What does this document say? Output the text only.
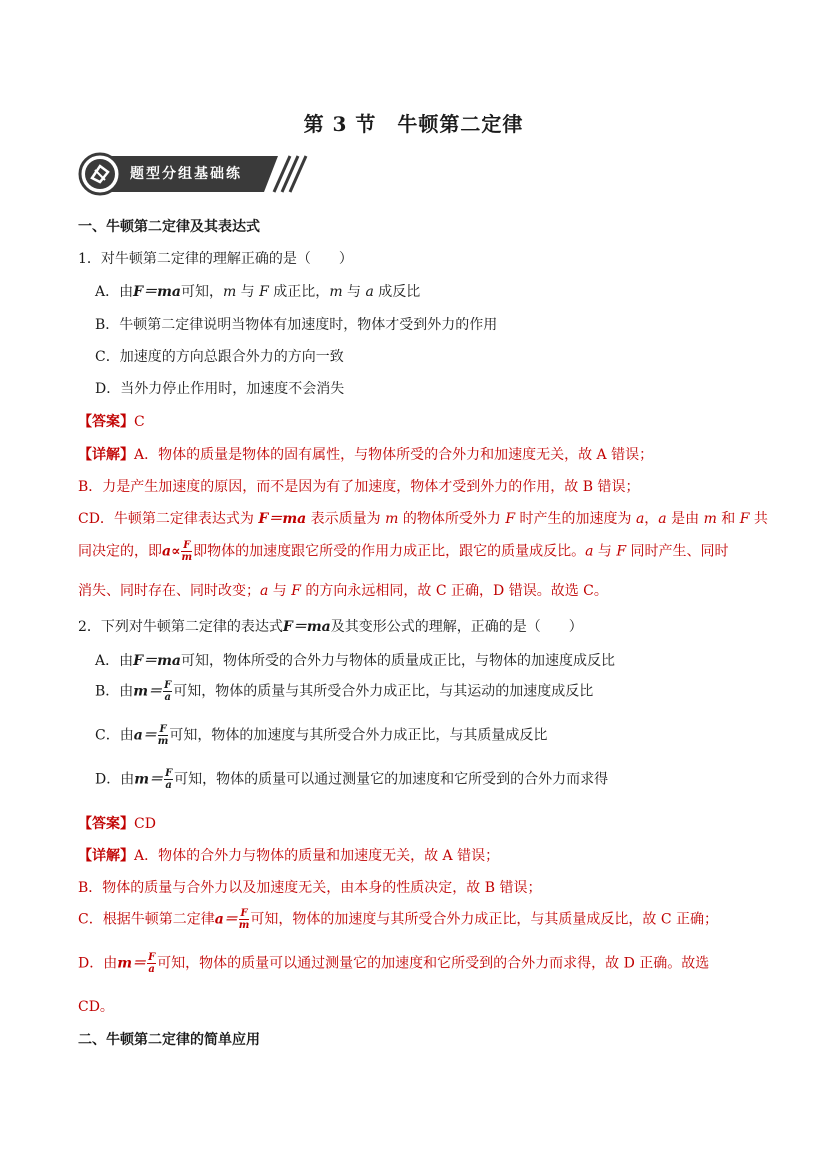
第 3 节　牛顿第二定律
题型分组基础练
一、牛顿第二定律及其表达式
1．对牛顿第二定律的理解正确的是（　　）
A．由F＝ma可知，m 与 F 成正比，m 与 a 成反比
B．牛顿第二定律说明当物体有加速度时，物体才受到外力的作用
C．加速度的方向总跟合外力的方向一致
D．当外力停止作用时，加速度不会消失
【答案】C
【详解】A．物体的质量是物体的固有属性，与物体所受的合外力和加速度无关，故 A 错误；
B．力是产生加速度的原因，而不是因为有了加速度，物体才受到外力的作用，故 B 错误；
CD．牛顿第二定律表达式为 F＝ma 表示质量为 m 的物体所受外力 F 时产生的加速度为 a，a 是由 m 和 F 共
同决定的，即$a\propto \frac{F}{m}$ 即物体的加速度跟它所受的作用力成正比，跟它的质量成反比。a 与 F 同时产生、同时
消失、同时存在、同时改变；a 与 F 的方向永远相同，故 C 正确，D 错误。故选 C。
2．下列对牛顿第二定律的表达式F＝ma及其变形公式的理解，正确的是（　　）
A．由F＝ma可知，物体所受的合外力与物体的质量成正比，与物体的加速度成反比
B．由$m= \frac{F}{a}$ 可知，物体的质量与其所受合外力成正比，与其运动的加速度成反比
C．由$a= \frac{F}{m}$ 可知，物体的加速度与其所受合外力成正比，与其质量成反比
D．由$m= \frac{F}{a}$ 可知，物体的质量可以通过测量它的加速度和它所受到的合外力而求得
【答案】CD
【详解】A．物体的合外力与物体的质量和加速度无关，故 A 错误；
B．物体的质量与合外力以及加速度无关，由本身的性质决定，故 B 错误；
C．根据牛顿第二定律$a= \frac{F}{m}$ 可知，物体的加速度与其所受合外力成正比，与其质量成反比，故 C 正确；
D．由$m= \frac{F}{a}$ 可知，物体的质量可以通过测量它的加速度和它所受到的合外力而求得，故 D 正确。故选
CD。
二、牛顿第二定律的简单应用
